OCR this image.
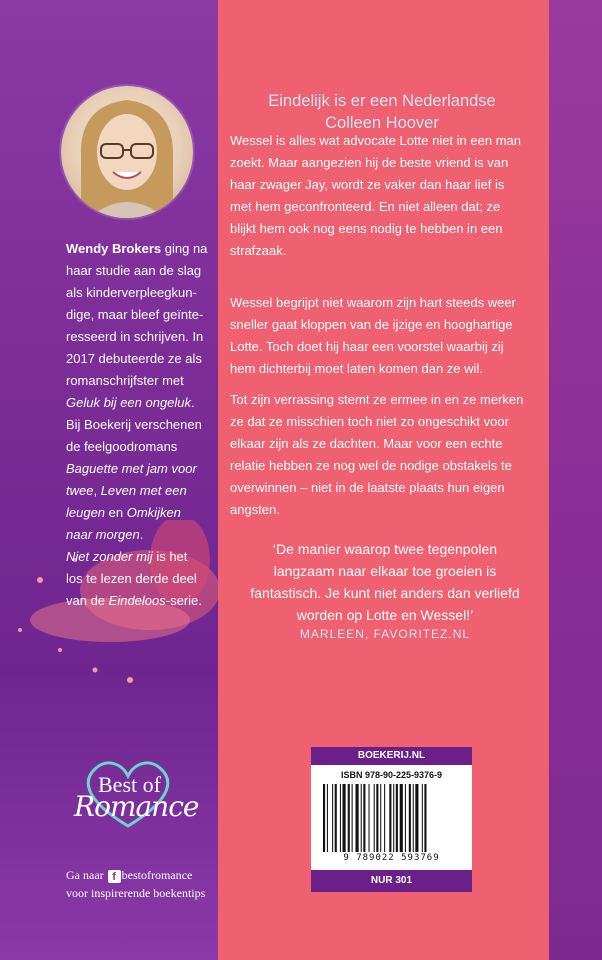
Wendy Brokers ging na

haar studie aan de slag

als kinderverpleegkun-

dige, maar bleef geïnte-

resseerd in schrijven. In

2017 debuteerde ze als

romanschrijfster met

Geluk bij een ongeluk.

Bij Boekerij verschenen

de feelgoodromans

Baguette met jam voor

twee, Leven met een

leugen en Omkijken

naar morgen.

Niet zonder mij is het

los te lezen derde deel

van de Eindeloos-serie.

Best of
Romance
Ga naar f bestofromance
voor inspirerende boekentips
Eindelijk is er een Nederlandse
Colleen Hoover
Wessel is alles wat advocate Lotte niet in een man
zoekt. Maar aangezien hij de beste vriend is van
haar zwager Jay, wordt ze vaker dan haar lief is
met hem geconfronteerd. En niet alleen dat; ze
blijkt hem ook nog eens nodig te hebben in een
strafzaak.
Wessel begrijpt niet waarom zijn hart steeds weer
sneller gaat kloppen van de ijzige en hooghartige
Lotte. Toch doet hij haar een voorstel waarbij zij
hem dichterbij moet laten komen dan ze wil.
Tot zijn verrassing stemt ze ermee in en ze merken
ze dat ze misschien toch niet zo ongeschikt voor
elkaar zijn als ze dachten. Maar voor een echte
relatie hebben ze nog wel de nodige obstakels te
overwinnen – niet in de laatste plaats hun eigen
angsten.
‘De manier waarop twee tegenpolen
langzaam naar elkaar toe groeien is
fantastisch. Je kunt niet anders dan verliefd
worden op Lotte en Wessel!’
MARLEEN, FAVORITEZ.NL
BOEKERIJ.NL
ISBN 978-90-225-9376-9
9 789022 593769
NUR 301
